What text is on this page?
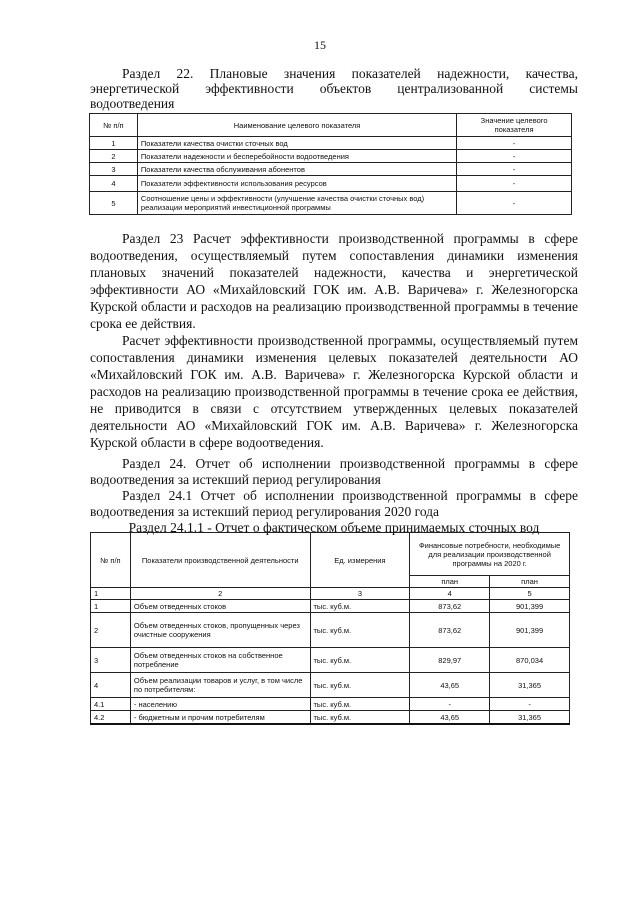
15
Раздел 22. Плановые значения показателей надежности, качества,
энергетической эффективности объектов централизованной системы
водоотведения
№ п/п	Наименование целевого показателя	Значение целевого показателя
1	Показатели качества очистки сточных вод	-
2	Показатели надежности и бесперебойности водоотведения	-
3	Показатели качества обслуживания абонентов	-
4	Показатели эффективности использования ресурсов	-
5	Соотношение цены и эффективности (улучшение качества очистки сточных вод) реализации мероприятий инвестиционной программы	-

Раздел 23 Расчет эффективности производственной программы в сфере водоотведения, осуществляемый путем сопоставления динамики изменения плановых значений показателей надежности, качества и энергетической эффективности АО «Михайловский ГОК им. А.В. Варичева» г. Железногорска Курской области и расходов на реализацию производственной программы в течение срока ее действия.

Расчет эффективности производственной программы, осуществляемый путем сопоставления динамики изменения целевых показателей деятельности АО «Михайловский ГОК им. А.В. Варичева» г. Железногорска Курской области и расходов на реализацию производственной программы в течение срока ее действия, не приводится в связи с отсутствием утвержденных целевых показателей деятельности АО «Михайловский ГОК им. А.В. Варичева» г. Железногорска Курской области в сфере водоотведения.

Раздел 24. Отчет об исполнении производственной программы в сфере водоотведения за истекший период регулирования

Раздел 24.1 Отчет об исполнении производственной программы в сфере водоотведения за истекший период регулирования 2020 года

Раздел 24.1.1 - Отчет о фактическом объеме принимаемых сточных вод

№ п/п	Показатели производственной деятельности	Ед. измерения	Финансовые потребности, необходимые для реализации производственной программы на 2020 г.	
			план	план
1	2	3	4	5
1	Объем отведенных стоков	тыс. куб.м.	873,62	901,399
2	Объем отведенных стоков, пропущенных через очистные сооружения	тыс. куб.м.	873,62	901,399
3	Объем отведенных стоков на собственное потребление	тыс. куб.м.	829,97	870,034
4	Объем реализации товаров и услуг, в том числе по потребителям:	тыс. куб.м.	43,65	31,365
4.1	- населению	тыс. куб.м.	-	-
4.2	- бюджетным и прочим потребителям	тыс. куб.м.	43,65	31,365
